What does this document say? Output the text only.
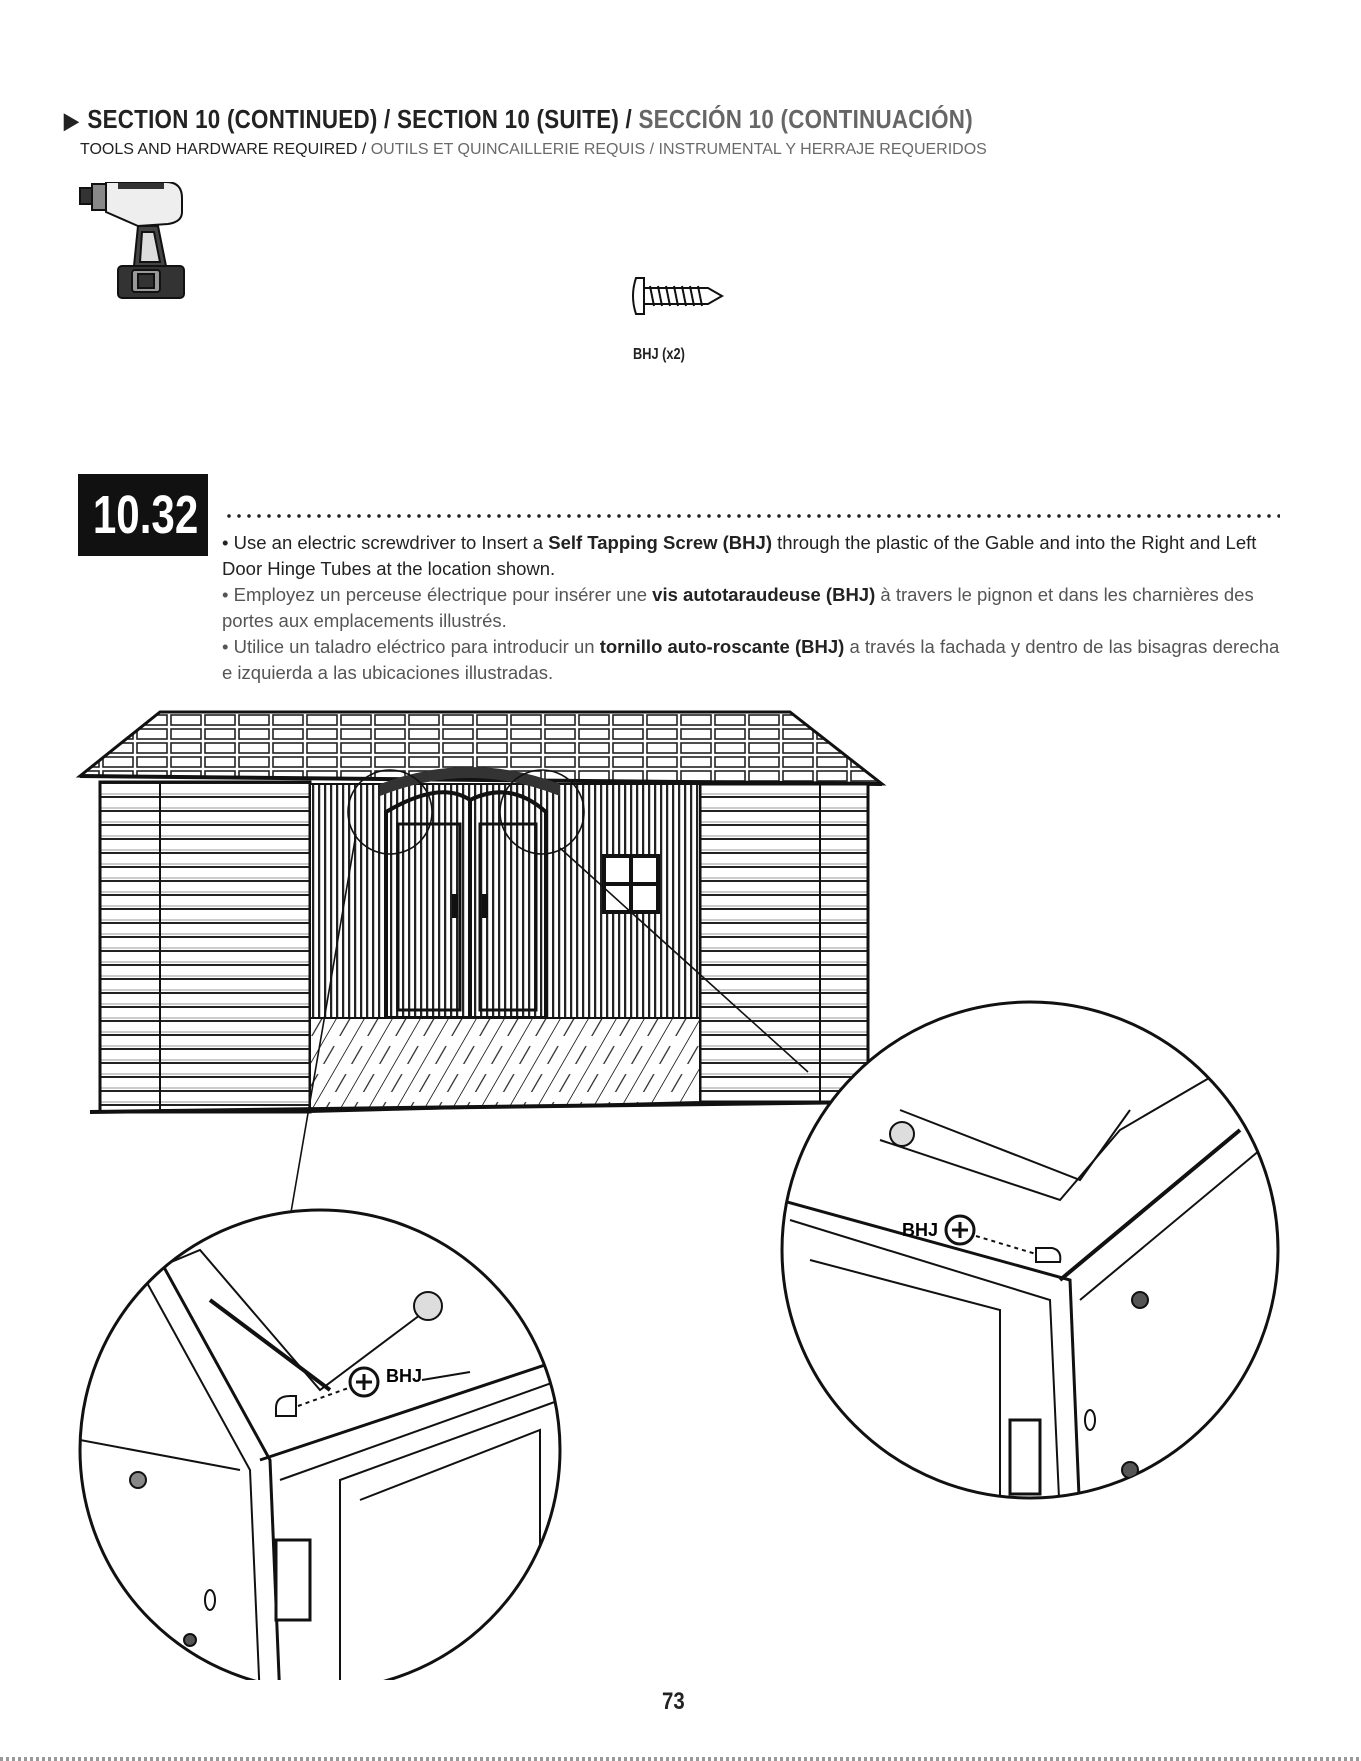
▶ SECTION 10 (CONTINUED) / SECTION 10 (SUITE) / SECCIÓN 10 (CONTINUACIÓN)
TOOLS AND HARDWARE REQUIRED / OUTILS ET QUINCAILLERIE REQUIS / INSTRUMENTAL Y HERRAJE REQUERIDOS
BHJ (x2)
10.32	• Use an electric screwdriver to Insert a Self Tapping Screw (BHJ) through the plastic of the Gable and into the Right and Left Door Hinge Tubes at the location shown.

• Employez un perceuse électrique pour insérer une vis autotaraudeuse (BHJ) à travers le pignon et dans les charnières des portes aux emplacements illustrés.

• Utilice un taladro eléctrico para introducir un tornillo auto-roscante (BHJ) a través la fachada y dentro de las bisagras derecha e izquierda a las ubicaciones illustradas.

BHJ
BHJ
73
